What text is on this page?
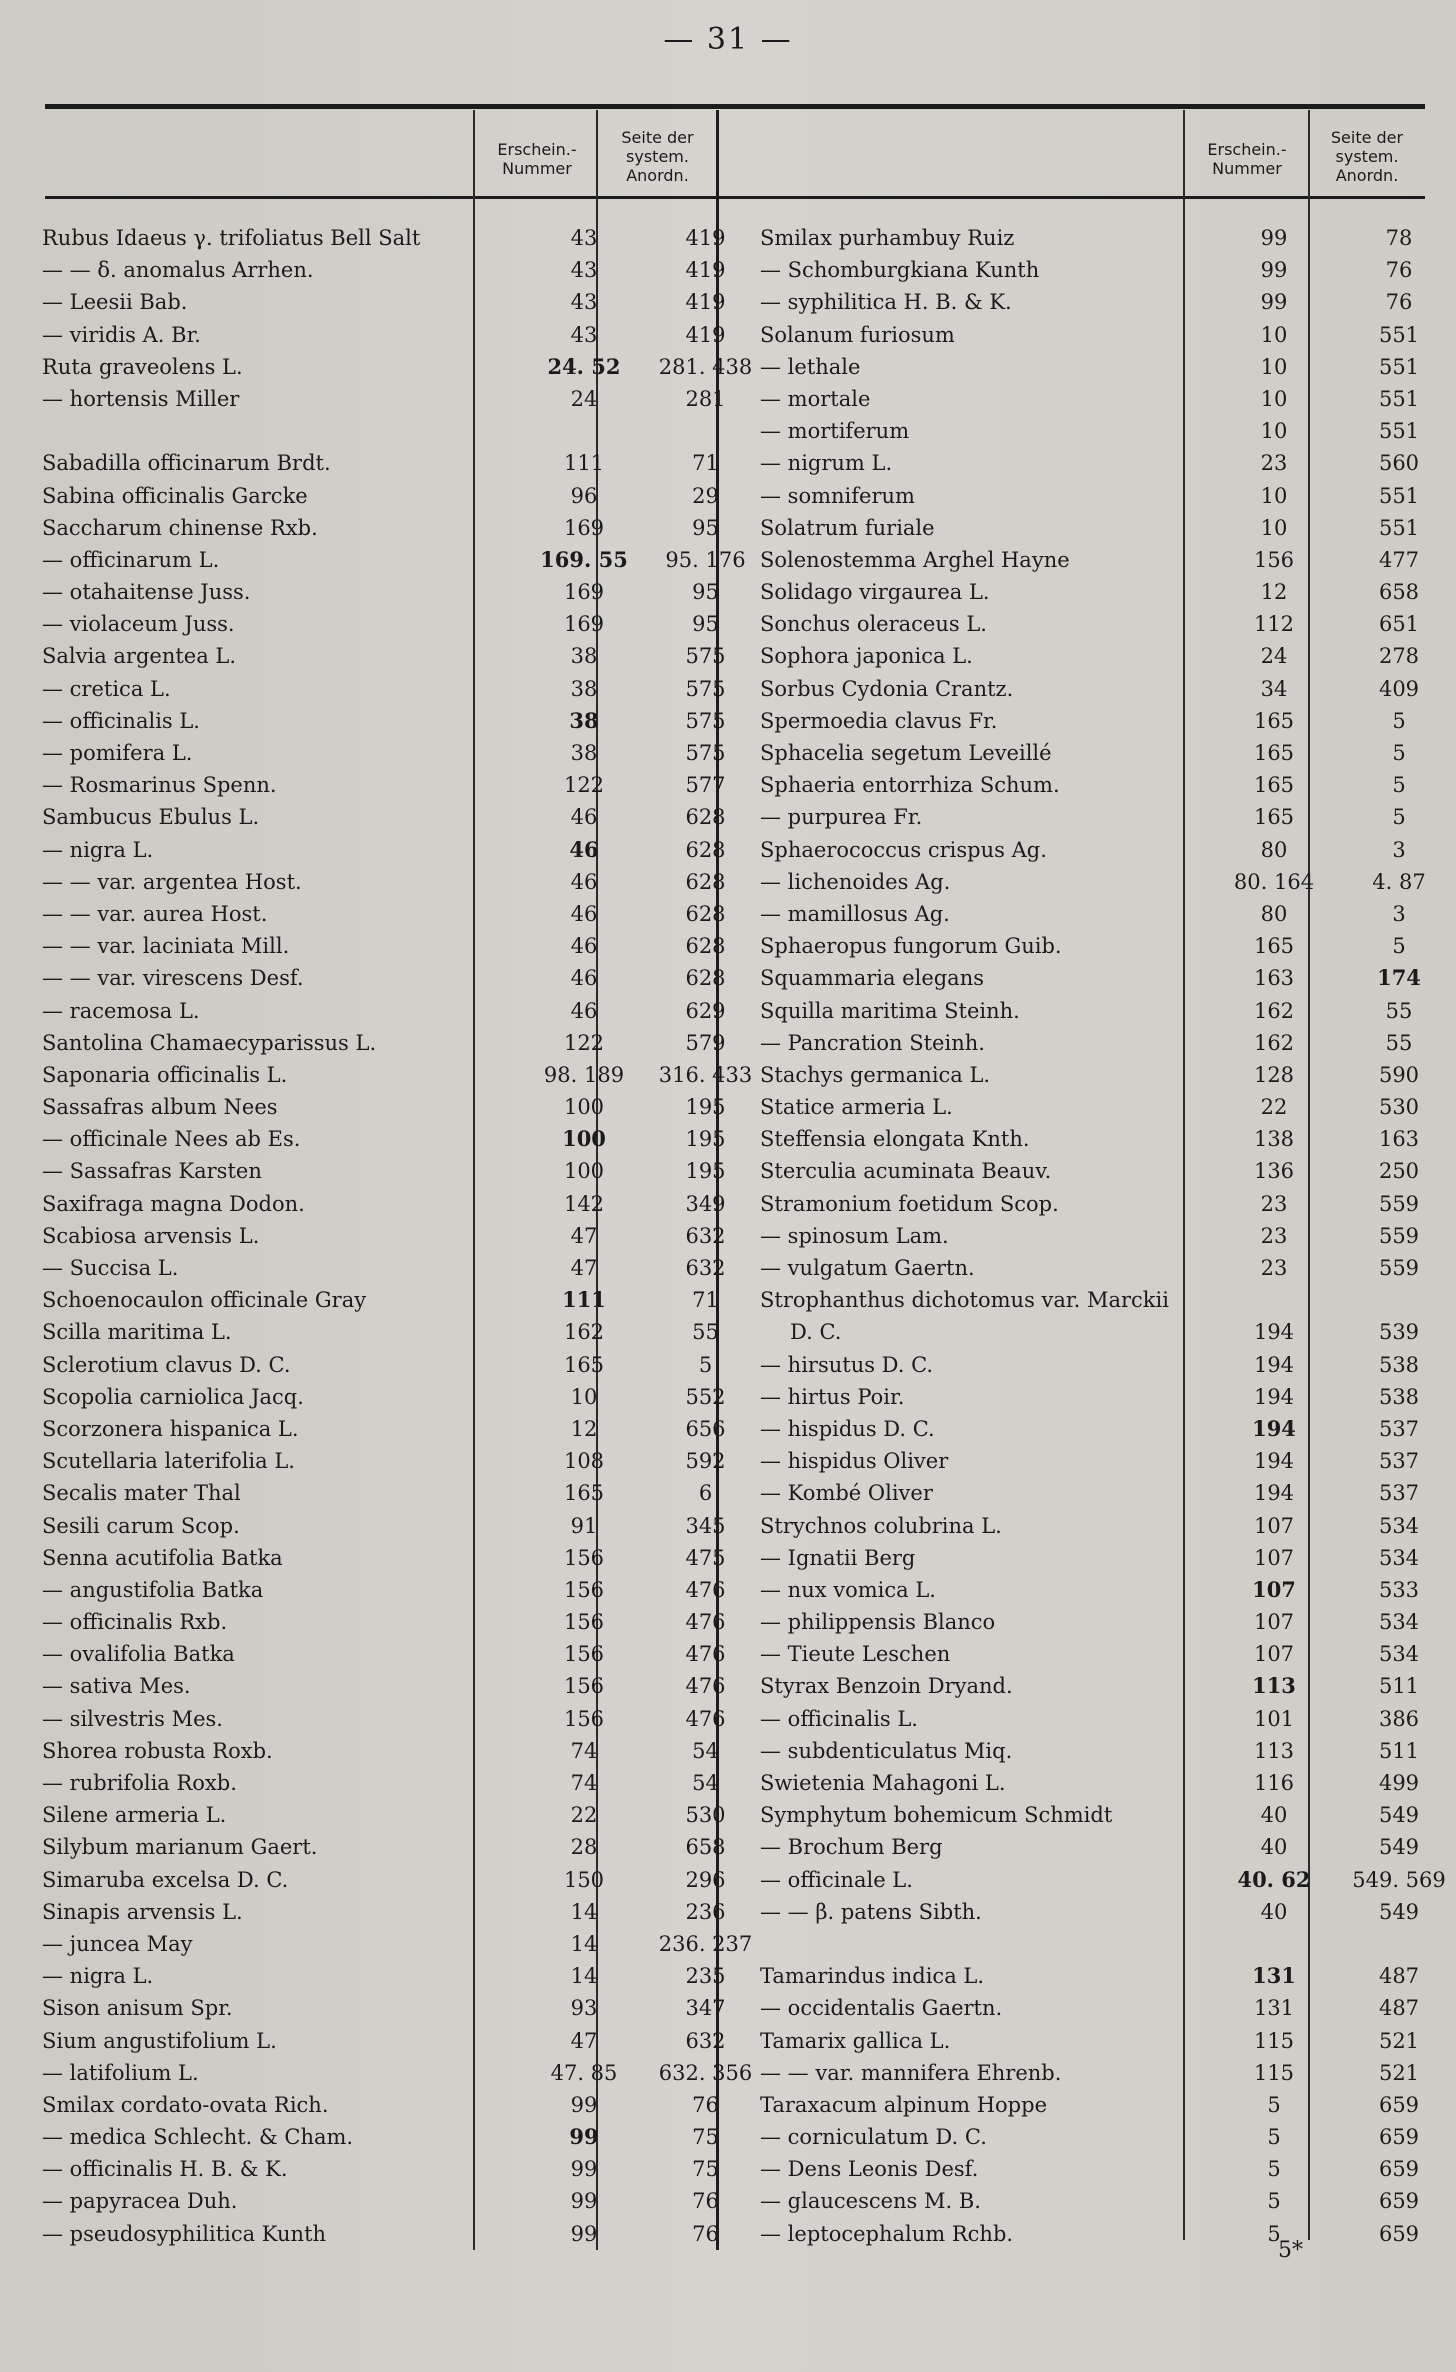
— 31 —
Erschein.-
Nummer
Seite der
system.
Anordn.
Erschein.-
Nummer
Seite der
system.
Anordn.
Rubus Idaeus γ. trifoliatus Bell Salt	43	419
— — δ. anomalus Arrhen.	43	419
— Leesii Bab.	43	419
— viridis A. Br.	43	419
Ruta graveolens L.	24. 52	281. 438
— hortensis Miller	24	281
Sabadilla officinarum Brdt.	111	71
Sabina officinalis Garcke	96	29
Saccharum chinense Rxb.	169	95
— officinarum L.	169. 55	95. 176
— otahaitense Juss.	169	95
— violaceum Juss.	169	95
Salvia argentea L.	38	575
— cretica L.	38	575
— officinalis L.	38	575
— pomifera L.	38	575
— Rosmarinus Spenn.	122	577
Sambucus Ebulus L.	46	628
— nigra L.	46	628
— — var. argentea Host.	46	628
— — var. aurea Host.	46	628
— — var. laciniata Mill.	46	628
— — var. virescens Desf.	46	628
— racemosa L.	46	629
Santolina Chamaecyparissus L.	122	579
Saponaria officinalis L.	98. 189	316. 433
Sassafras album Nees	100	195
— officinale Nees ab Es.	100	195
— Sassafras Karsten	100	195
Saxifraga magna Dodon.	142	349
Scabiosa arvensis L.	47	632
— Succisa L.	47	632
Schoenocaulon officinale Gray	111	71
Scilla maritima L.	162	55
Sclerotium clavus D. C.	165	5
Scopolia carniolica Jacq.	10	552
Scorzonera hispanica L.	12	656
Scutellaria laterifolia L.	108	592
Secalis mater Thal	165	6
Sesili carum Scop.	91	345
Senna acutifolia Batka	156	475
— angustifolia Batka	156	476
— officinalis Rxb.	156	476
— ovalifolia Batka	156	476
— sativa Mes.	156	476
— silvestris Mes.	156	476
Shorea robusta Roxb.	74	54
— rubrifolia Roxb.	74	54
Silene armeria L.	22	530
Silybum marianum Gaert.	28	658
Simaruba excelsa D. C.	150	296
Sinapis arvensis L.	14	236
— juncea May	14	236. 237
— nigra L.	14	235
Sison anisum Spr.	93	347
Sium angustifolium L.	47	632
— latifolium L.	47. 85	632. 356
Smilax cordato-ovata Rich.	99	76
— medica Schlecht. & Cham.	99	75
— officinalis H. B. & K.	99	75
— papyracea Duh.	99	76
— pseudosyphilitica Kunth	99	76
Smilax purhambuy Ruiz	99	78
— Schomburgkiana Kunth	99	76
— syphilitica H. B. & K.	99	76
Solanum furiosum	10	551
— lethale	10	551
— mortale	10	551
— mortiferum	10	551
— nigrum L.	23	560
— somniferum	10	551
Solatrum furiale	10	551
Solenostemma Arghel Hayne	156	477
Solidago virgaurea L.	12	658
Sonchus oleraceus L.	112	651
Sophora japonica L.	24	278
Sorbus Cydonia Crantz.	34	409
Spermoedia clavus Fr.	165	5
Sphacelia segetum Leveillé	165	5
Sphaeria entorrhiza Schum.	165	5
— purpurea Fr.	165	5
Sphaerococcus crispus Ag.	80	3
— lichenoides Ag.	80. 164	4. 87
— mamillosus Ag.	80	3
Sphaeropus fungorum Guib.	165	5
Squammaria elegans	163	174
Squilla maritima Steinh.	162	55
— Pancration Steinh.	162	55
Stachys germanica L.	128	590
Statice armeria L.	22	530
Steffensia elongata Knth.	138	163
Sterculia acuminata Beauv.	136	250
Stramonium foetidum Scop.	23	559
— spinosum Lam.	23	559
— vulgatum Gaertn.	23	559
Strophanthus dichotomus var. Marckii
D. C.	194	539
— hirsutus D. C.	194	538
— hirtus Poir.	194	538
— hispidus D. C.	194	537
— hispidus Oliver	194	537
— Kombé Oliver	194	537
Strychnos colubrina L.	107	534
— Ignatii Berg	107	534
— nux vomica L.	107	533
— philippensis Blanco	107	534
— Tieute Leschen	107	534
Styrax Benzoin Dryand.	113	511
— officinalis L.	101	386
— subdenticulatus Miq.	113	511
Swietenia Mahagoni L.	116	499
Symphytum bohemicum Schmidt	40	549
— Brochum Berg	40	549
— officinale L.	40. 62	549. 569
— — β. patens Sibth.	40	549
Tamarindus indica L.	131	487
— occidentalis Gaertn.	131	487
Tamarix gallica L.	115	521
— — var. mannifera Ehrenb.	115	521
Taraxacum alpinum Hoppe	5	659
— corniculatum D. C.	5	659
— Dens Leonis Desf.	5	659
— glaucescens M. B.	5	659
— leptocephalum Rchb.	5	659
5*
